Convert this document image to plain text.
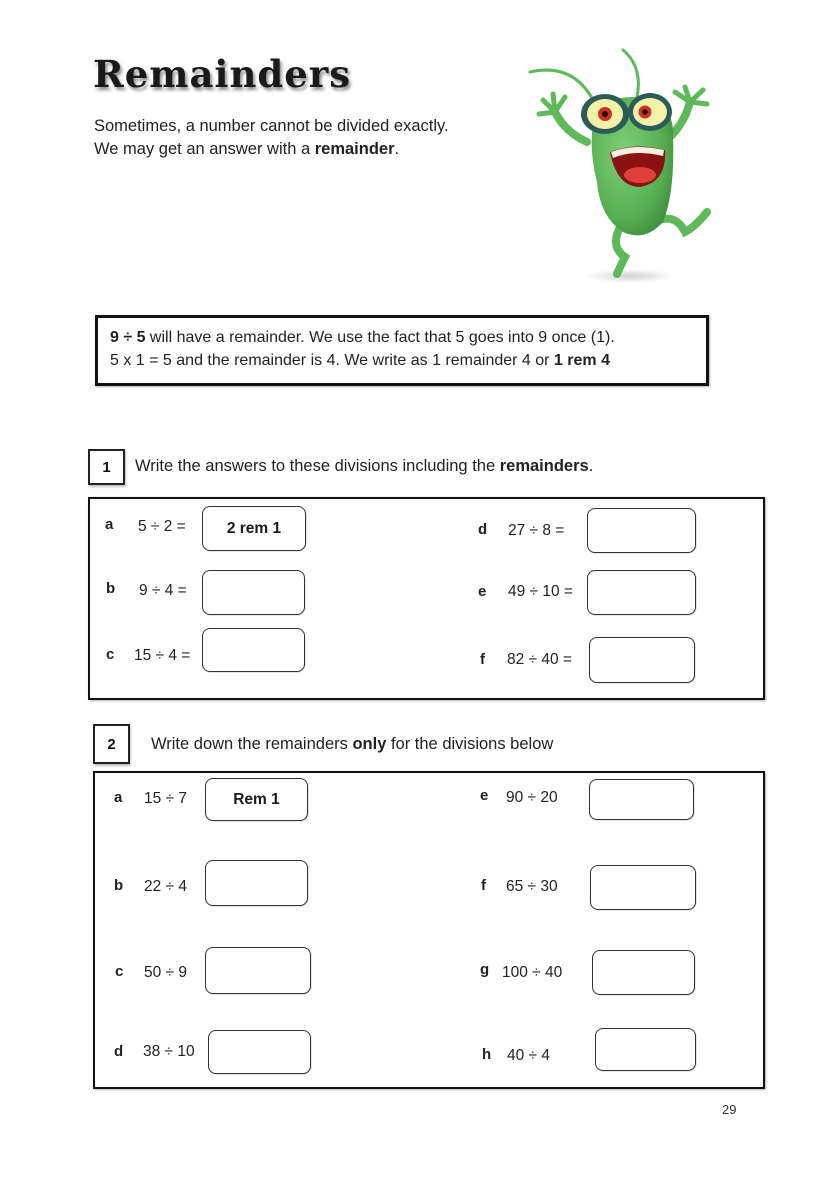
Remainders
Sometimes, a number cannot be divided exactly.
We may get an answer with a remainder.
9 ÷ 5 will have a remainder. We use the fact that 5 goes into 9 once (1).
5 x 1 = 5 and the remainder is 4. We write as 1 remainder 4 or 1 rem 4
1	Write the answers to these divisions including the remainders.
a 5 ÷ 2 =	2 rem 1
b 9 ÷ 4 =
c 15 ÷ 4 =
d 27 ÷ 8 =
e 49 ÷ 10 =
f 82 ÷ 40 =
2	Write down the remainders only for the divisions below
a 15 ÷ 7	Rem 1
b 22 ÷ 4
c 50 ÷ 9
d 38 ÷ 10
e 90 ÷ 20
f 65 ÷ 30
g 100 ÷ 40
h 40 ÷ 4
29
